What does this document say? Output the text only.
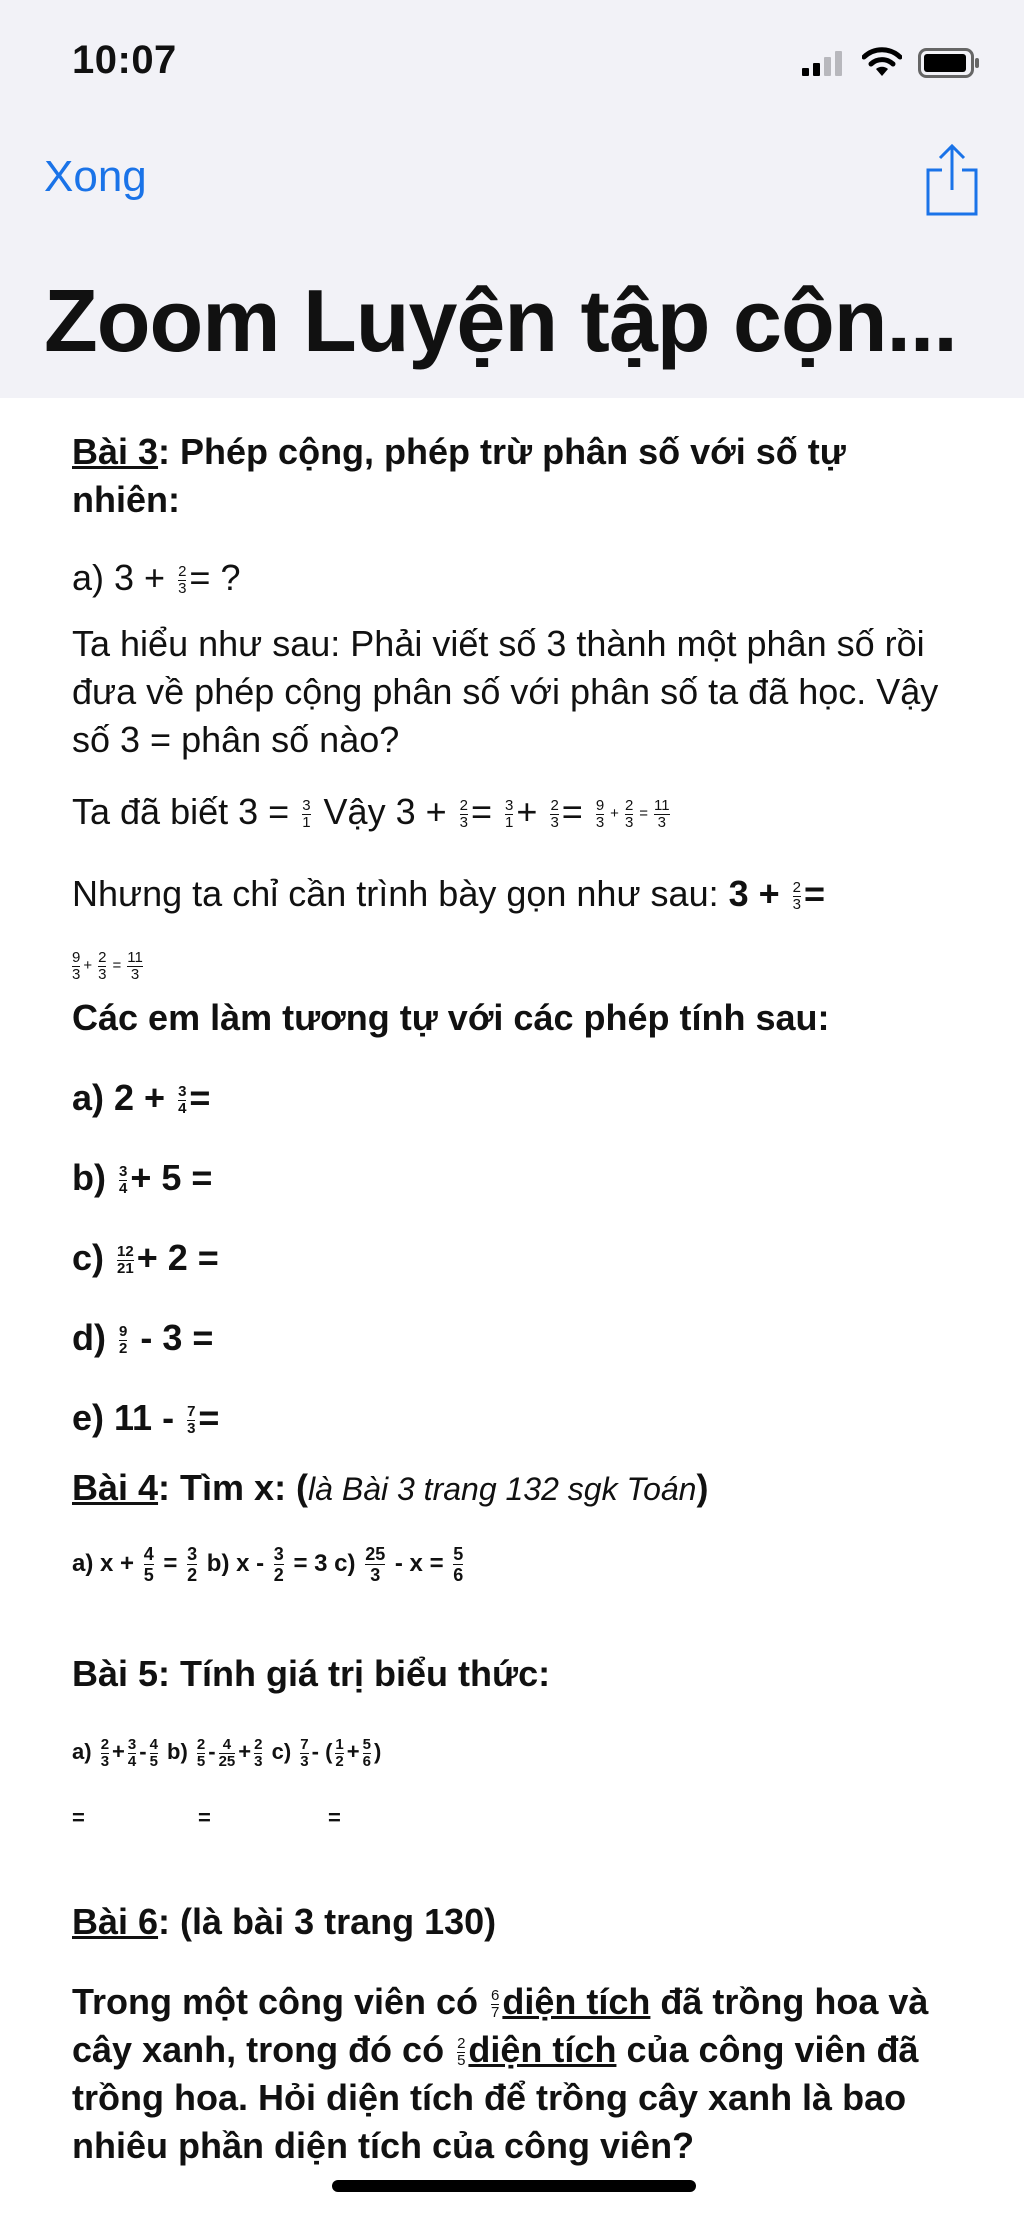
10:07
Xong
Zoom Luyện tập cộn...

Bài 3: Phép cộng, phép trừ phân số với số tự nhiên:

a) $3 + \frac{2}{3}$ = ?

Ta hiểu như sau: Phải viết số 3 thành một phân số rồi đưa về phép cộng phân số với phân số ta đã học. Vậy số 3 = phân số nào?

Ta đã biết $3 = \frac{3}{1}$ Vậy $3 + \frac{2}{3} = \frac{3}{1} + \frac{2}{3} = \frac{9}{3} + \frac{2}{3} = \frac{11}{3}$

Nhưng ta chỉ cần trình bày gọn như sau: $3 + \frac{2}{3}$ =

$\frac{9}{3} + \frac{2}{3} = \frac{11}{3}$

Các em làm tương tự với các phép tính sau:

a) $2 + \frac{3}{4}$ =

$b) \frac{3}{4} + 5$ =

$c) \frac{12}{21} + 2$ =

$d) \frac{9}{2} - 3$ =

e) $11 - \frac{7}{3}$ =

Bài 4: Tìm x: (là Bài 3 trang 132 sgk Toán)

a) $x + \frac{4}{5} = \frac{3}{2} b$) $x - \frac{3}{2} = 3$ $c) \frac{25}{3} - x = \frac{5}{6}$

Bài 5: Tính giá trị biểu thức:

$a) \frac{2}{3} + \frac{3}{4} - \frac{4}{5} b) \frac{2}{5} - \frac{4}{25} + \frac{2}{3} c) \frac{7}{3}$ - ( $\frac{1}{2} + \frac{5}{6}$ )

=	=	=

Bài 6: (là bài 3 trang 130)

Trong một công viên có $\frac{6}{7}$ diện tích đã trồng hoa và cây xanh, trong đó có $\frac{2}{5}$ diện tích của công viên đã trồng hoa. Hỏi diện tích để trồng cây xanh là bao nhiêu phần diện tích của công viên?
